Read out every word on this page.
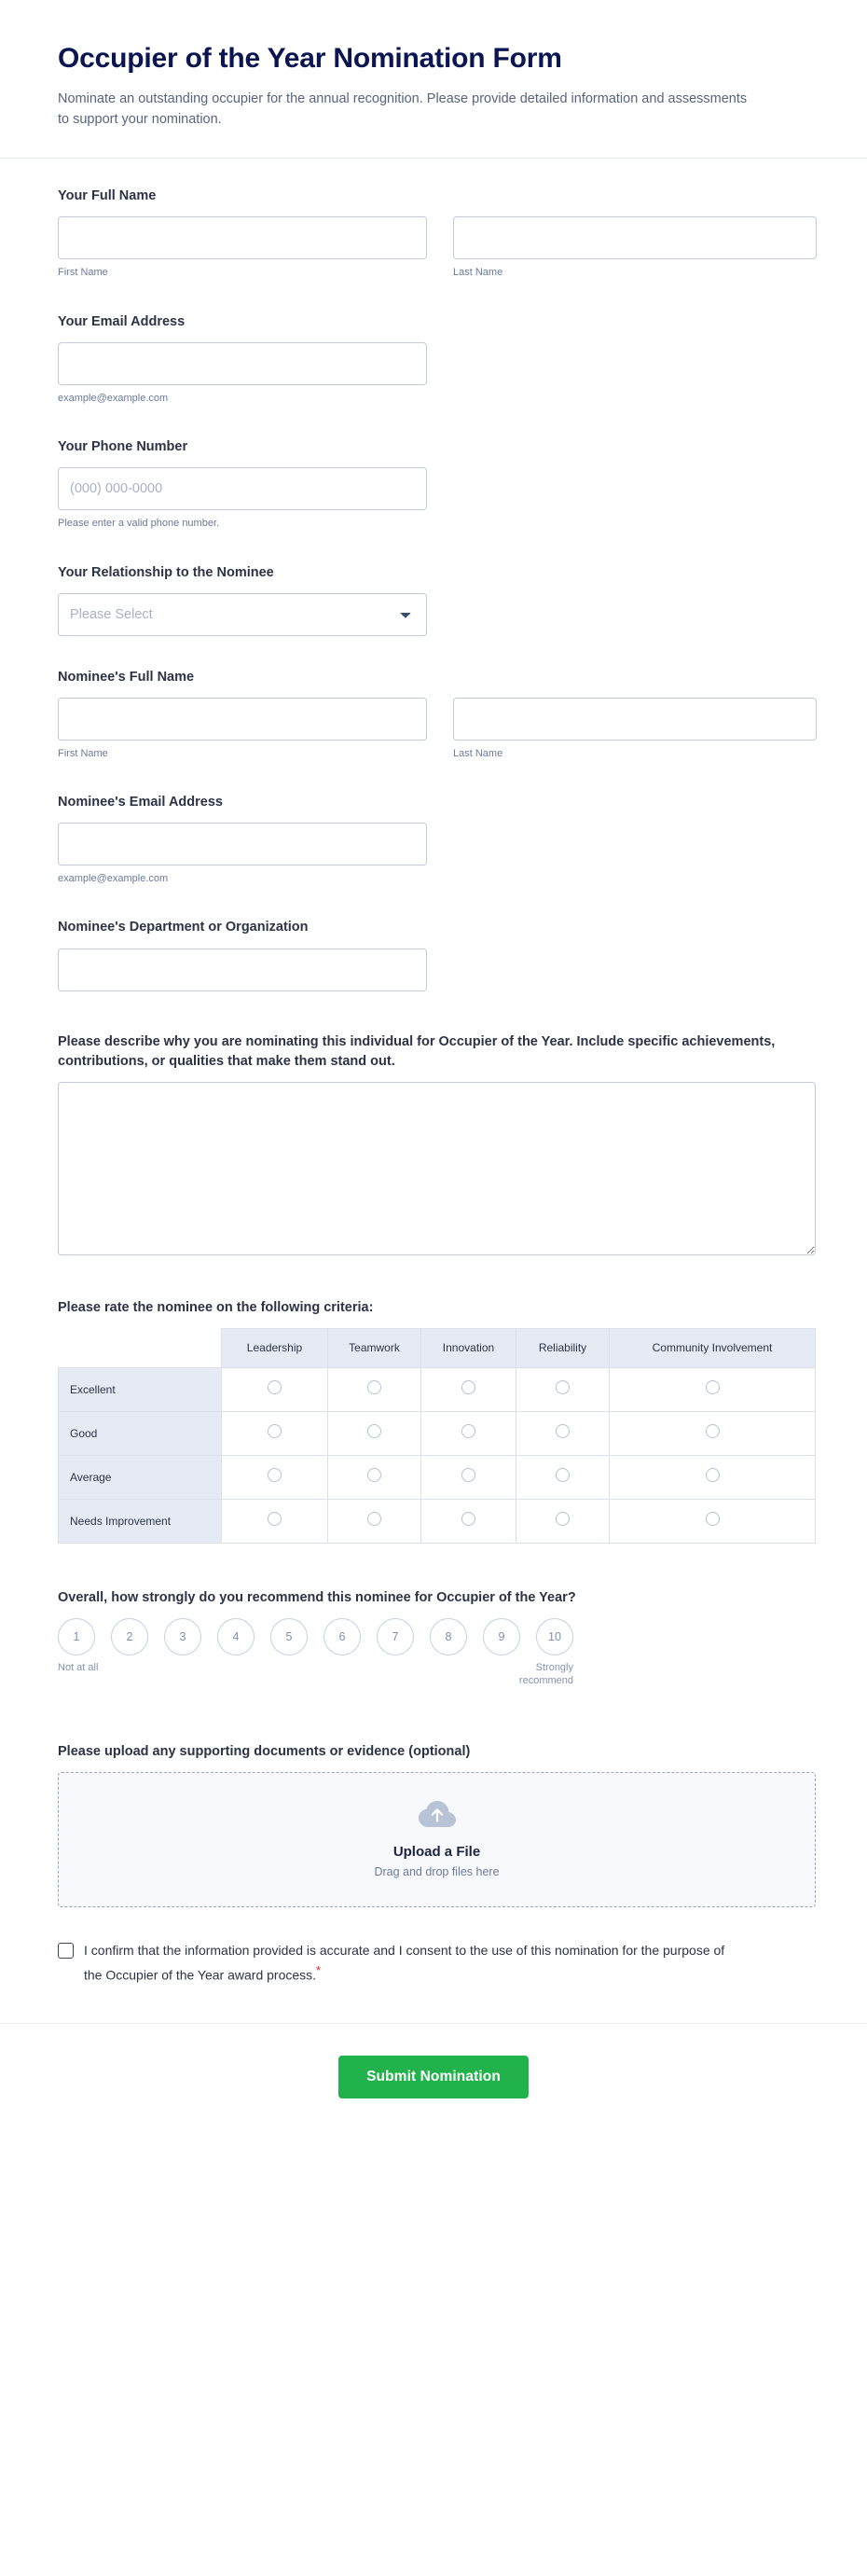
Occupier of the Year Nomination Form

Nominate an outstanding occupier for the annual recognition. Please provide detailed information and assessments to support your nomination.

Your Full Name
First Name	Last Name
Your Email Address
example@example.com
Your Phone Number
(000) 000-0000
Please enter a valid phone number.
Your Relationship to the Nominee
Please Select
Nominee's Full Name
First Name	Last Name
Nominee's Email Address
example@example.com
Nominee's Department or Organization
Please describe why you are nominating this individual for Occupier of the Year. Include specific achievements, contributions, or qualities that make them stand out.
Please rate the nominee on the following criteria:
	Leadership	Teamwork	Innovation	Reliability	Community Involvement
Excellent					
Good					
Average					
Needs Improvement					
Overall, how strongly do you recommend this nominee for Occupier of the Year?
1
Not at all
2	3	4	5	6	7	8	9	10
Strongly recommend
Please upload any supporting documents or evidence (optional)
Upload a File
Drag and drop files here
I confirm that the information provided is accurate and I consent to the use of this nomination for the purpose of the Occupier of the Year award process.*
Submit Nomination
